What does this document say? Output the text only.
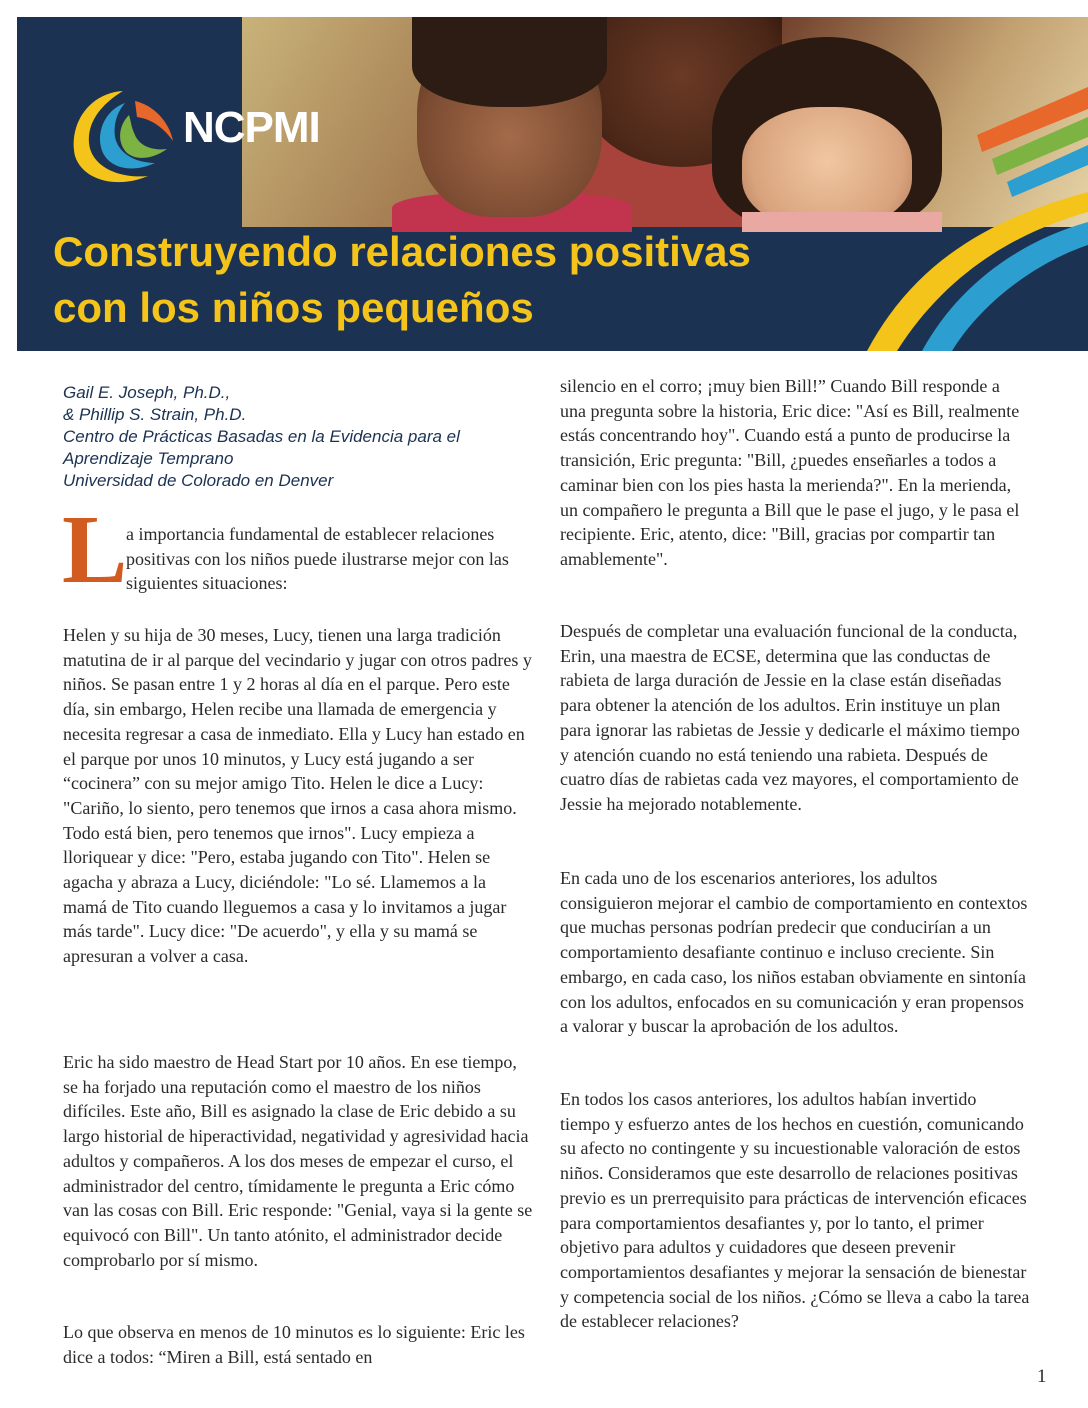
NCPMI
Construyendo relaciones positivas
con los niños pequeños
Gail E. Joseph, Ph.D.,
& Phillip S. Strain, Ph.D.
Centro de Prácticas Basadas en la Evidencia para el
Aprendizaje Temprano
Universidad de Colorado en Denver
L
a importancia fundamental de establecer relaciones positivas con los niños puede ilustrarse mejor con las siguientes situaciones:

Helen y su hija de 30 meses, Lucy, tienen una larga tradición matutina de ir al parque del vecindario y jugar con otros padres y niños. Se pasan entre 1 y 2 horas al día en el parque. Pero este día, sin embargo, Helen recibe una llamada de emergencia y necesita regresar a casa de inmediato. Ella y Lucy han estado en el parque por unos 10 minutos, y Lucy está jugando a ser “cocinera” con su mejor amigo Tito. Helen le dice a Lucy: "Cariño, lo siento, pero tenemos que irnos a casa ahora mismo. Todo está bien, pero tenemos que irnos". Lucy empieza a lloriquear y dice: "Pero, estaba jugando con Tito". Helen se agacha y abraza a Lucy, diciéndole: "Lo sé. Llamemos a la mamá de Tito cuando lleguemos a casa y lo invitamos a jugar más tarde". Lucy dice: "De acuerdo", y ella y su mamá se apresuran a volver a casa.

Eric ha sido maestro de Head Start por 10 años. En ese tiempo, se ha forjado una reputación como el maestro de los niños difíciles. Este año, Bill es asignado la clase de Eric debido a su largo historial de hiperactividad, negatividad y agresividad hacia adultos y compañeros. A los dos meses de empezar el curso, el administrador del centro, tímidamente le pregunta a Eric cómo van las cosas con Bill. Eric responde: "Genial, vaya si la gente se equivocó con Bill". Un tanto atónito, el administrador decide comprobarlo por sí mismo.

Lo que observa en menos de 10 minutos es lo siguiente: Eric les dice a todos: “Miren a Bill, está sentado en

silencio en el corro; ¡muy bien Bill!” Cuando Bill responde a una pregunta sobre la historia, Eric dice: "Así es Bill, realmente estás concentrando hoy". Cuando está a punto de producirse la transición, Eric pregunta: "Bill, ¿puedes enseñarles a todos a caminar bien con los pies hasta la merienda?". En la merienda, un compañero le pregunta a Bill que le pase el jugo, y le pasa el recipiente. Eric, atento, dice: "Bill, gracias por compartir tan amablemente".

Después de completar una evaluación funcional de la conducta, Erin, una maestra de ECSE, determina que las conductas de rabieta de larga duración de Jessie en la clase están diseñadas para obtener la atención de los adultos. Erin instituye un plan para ignorar las rabietas de Jessie y dedicarle el máximo tiempo y atención cuando no está teniendo una rabieta. Después de cuatro días de rabietas cada vez mayores, el comportamiento de Jessie ha mejorado notablemente.

En cada uno de los escenarios anteriores, los adultos consiguieron mejorar el cambio de comportamiento en contextos que muchas personas podrían predecir que conducirían a un comportamiento desafiante continuo e incluso creciente. Sin embargo, en cada caso, los niños estaban obviamente en sintonía con los adultos, enfocados en su comunicación y eran propensos a valorar y buscar la aprobación de los adultos.

En todos los casos anteriores, los adultos habían invertido tiempo y esfuerzo antes de los hechos en cuestión, comunicando su afecto no contingente y su incuestionable valoración de estos niños. Consideramos que este desarrollo de relaciones positivas previo es un prerrequisito para prácticas de intervención eficaces para comportamientos desafiantes y, por lo tanto, el primer objetivo para adultos y cuidadores que deseen prevenir comportamientos desafiantes y mejorar la sensación de bienestar y competencia social de los niños. ¿Cómo se lleva a cabo la tarea de establecer relaciones?

1
